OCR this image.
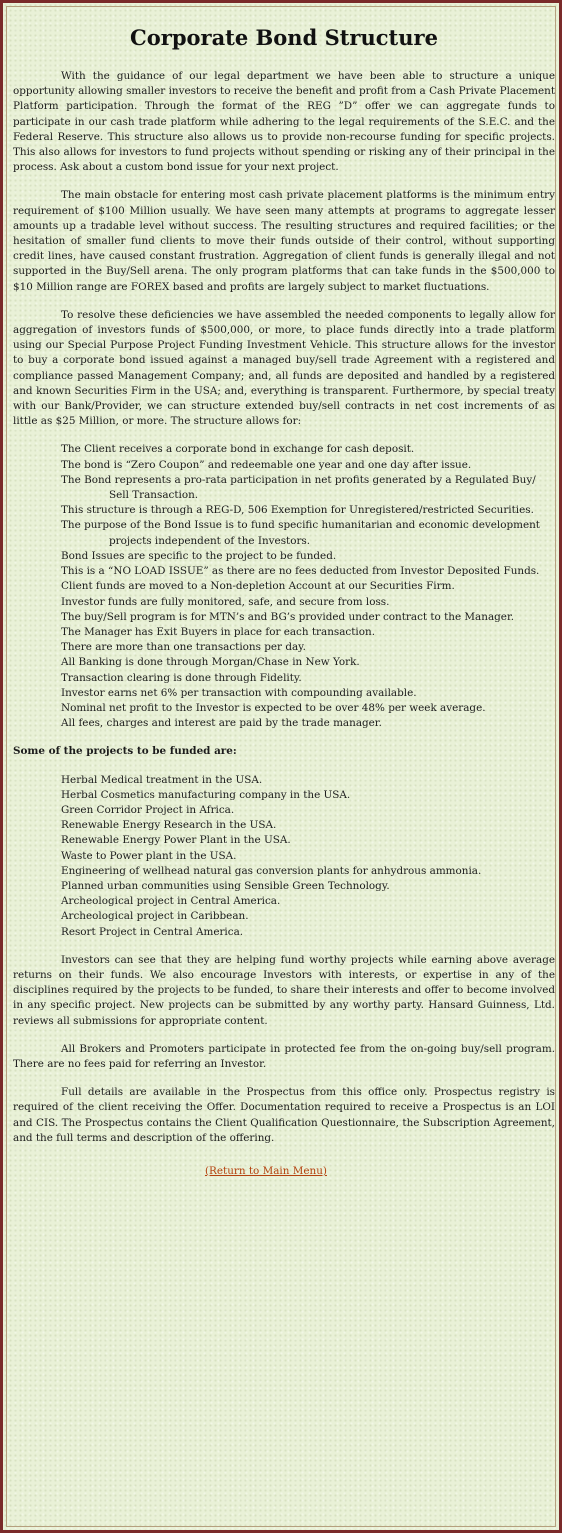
Corporate Bond Structure

With the guidance of our legal department we have been able to structure a unique opportunity allowing smaller investors to receive the benefit and profit from a Cash Private Placement Platform participation. Through the format of the REG ”D” offer we can aggregate funds to participate in our cash trade platform while adhering to the legal requirements of the S.E.C. and the Federal Reserve. This structure also allows us to provide non-recourse funding for specific projects. This also allows for investors to fund projects without spending or risking any of their principal in the process. Ask about a custom bond issue for your next project.

The main obstacle for entering most cash private placement platforms is the minimum entry requirement of $100 Million usually. We have seen many attempts at programs to aggregate lesser amounts up a tradable level without success. The resulting structures and required facilities; or the hesitation of smaller fund clients to move their funds outside of their control, without supporting credit lines, have caused constant frustration. Aggregation of client funds is generally illegal and not supported in the Buy/Sell arena. The only program platforms that can take funds in the $500,000 to $10 Million range are FOREX based and profits are largely subject to market fluctuations.

To resolve these deficiencies we have assembled the needed components to legally allow for aggregation of investors funds of $500,000, or more, to place funds directly into a trade platform using our Special Purpose Project Funding Investment Vehicle. This structure allows for the investor to buy a corporate bond issued against a managed buy/sell trade Agreement with a registered and compliance passed Management Company; and, all funds are deposited and handled by a registered and known Securities Firm in the USA; and, everything is transparent. Furthermore, by special treaty with our Bank/Provider, we can structure extended buy/sell contracts in net cost increments of as little as $25 Million, or more. The structure allows for:

The Client receives a corporate bond in exchange for cash deposit.
The bond is “Zero Coupon” and redeemable one year and one day after issue.
The Bond represents a pro-rata participation in net profits generated by a Regulated Buy/ Sell Transaction.
This structure is through a REG-D, 506 Exemption for Unregistered/restricted Securities.
The purpose of the Bond Issue is to fund specific humanitarian and economic development projects independent of the Investors.
Bond Issues are specific to the project to be funded.
This is a “NO LOAD ISSUE” as there are no fees deducted from Investor Deposited Funds.
Client funds are moved to a Non-depletion Account at our Securities Firm.
Investor funds are fully monitored, safe, and secure from loss.
The buy/Sell program is for MTN’s and BG’s provided under contract to the Manager.
The Manager has Exit Buyers in place for each transaction.
There are more than one transactions per day.
All Banking is done through Morgan/Chase in New York.
Transaction clearing is done through Fidelity.
Investor earns net 6% per transaction with compounding available.
Nominal net profit to the Investor is expected to be over 48% per week average.
All fees, charges and interest are paid by the trade manager.
Some of the projects to be funded are:
Herbal Medical treatment in the USA.
Herbal Cosmetics manufacturing company in the USA.
Green Corridor Project in Africa.
Renewable Energy Research in the USA.
Renewable Energy Power Plant in the USA.
Waste to Power plant in the USA.
Engineering of wellhead natural gas conversion plants for anhydrous ammonia.
Planned urban communities using Sensible Green Technology.
Archeological project in Central America.
Archeological project in Caribbean.
Resort Project in Central America.

Investors can see that they are helping fund worthy projects while earning above average returns on their funds. We also encourage Investors with interests, or expertise in any of the disciplines required by the projects to be funded, to share their interests and offer to become involved in any specific project. New projects can be submitted by any worthy party. Hansard Guinness, Ltd. reviews all submissions for appropriate content.

All Brokers and Promoters participate in protected fee from the on-going buy/sell program. There are no fees paid for referring an Investor.

Full details are available in the Prospectus from this office only. Prospectus registry is required of the client receiving the Offer. Documentation required to receive a Prospectus is an LOI and CIS. The Prospectus contains the Client Qualification Questionnaire, the Subscription Agreement, and the full terms and description of the offering.

(Return to Main Menu)
